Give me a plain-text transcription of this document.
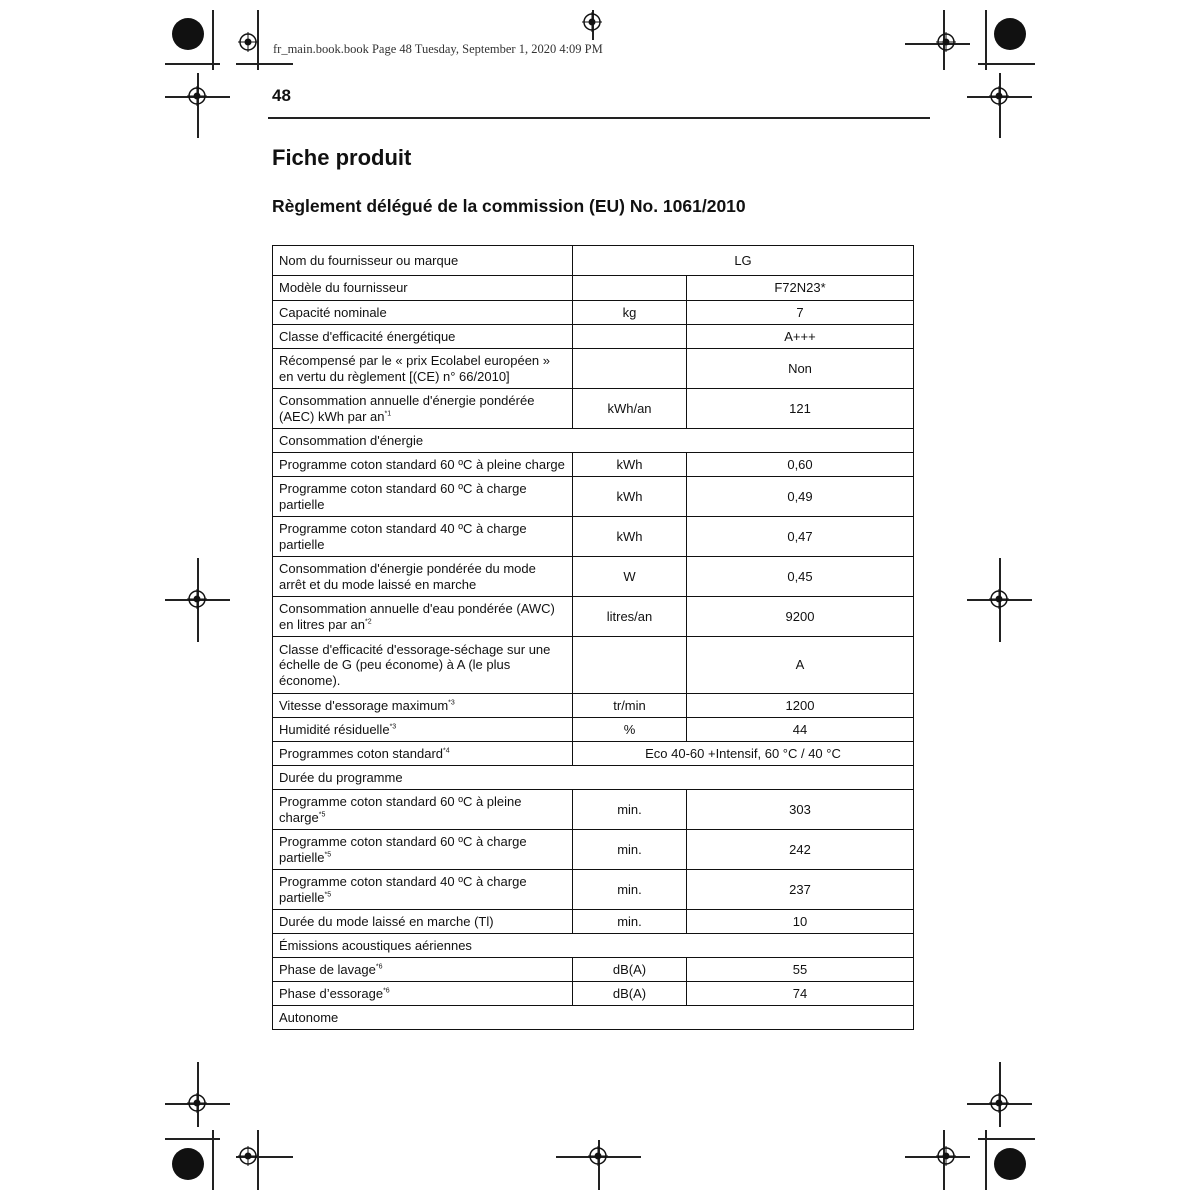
fr_main.book.book Page 48 Tuesday, September 1, 2020 4:09 PM
48
Fiche produit
Règlement délégué de la commission (EU) No. 1061/2010
Nom du fournisseur ou marque	LG	
Modèle du fournisseur		F72N23*
Capacité nominale	kg	7
Classe d'efficacité énergétique		A+++
Récompensé par le « prix Ecolabel européen » en vertu du règlement [(CE) n° 66/2010]		Non
Consommation annuelle d'énergie pondérée (AEC) kWh par $an^{*1}$	kWh/an	121
Consommation d'énergie		
Programme coton standard 60 ºC à pleine charge	kWh	0,60
Programme coton standard 60 ºC à charge partielle	kWh	0,49
Programme coton standard 40 ºC à charge partielle	kWh	0,47
Consommation d'énergie pondérée du mode arrêt et du mode laissé en marche	W	0,45
Consommation annuelle d'eau pondérée (AWC) en litres par $an^{*2}$	litres/an	9200
Classe d'efficacité d'essorage-séchage sur une échelle de G (peu économe) à A (le plus économe).		A
Vitesse d'essorage maximum$^{*3}$	tr/min	1200
Humidité résiduelle$^{*3}$	%	44
Programmes coton standard$^{*4}$	Eco 40-60 +Intensif, 60 °C / 40 °C	
Durée du programme		
Programme coton standard 60 ºC à pleine charge$^{*5}$	min.	303
Programme coton standard 60 ºC à charge partielle$^{*5}$	min.	242
Programme coton standard 40 ºC à charge partielle$^{*5}$	min.	237
Durée du mode laissé en marche (Tl)	min.	10
Émissions acoustiques aériennes		
Phase de lavage$^{*6}$	dB(A)	55
Phase d’essorage$^{*6}$	dB(A)	74
Autonome		
